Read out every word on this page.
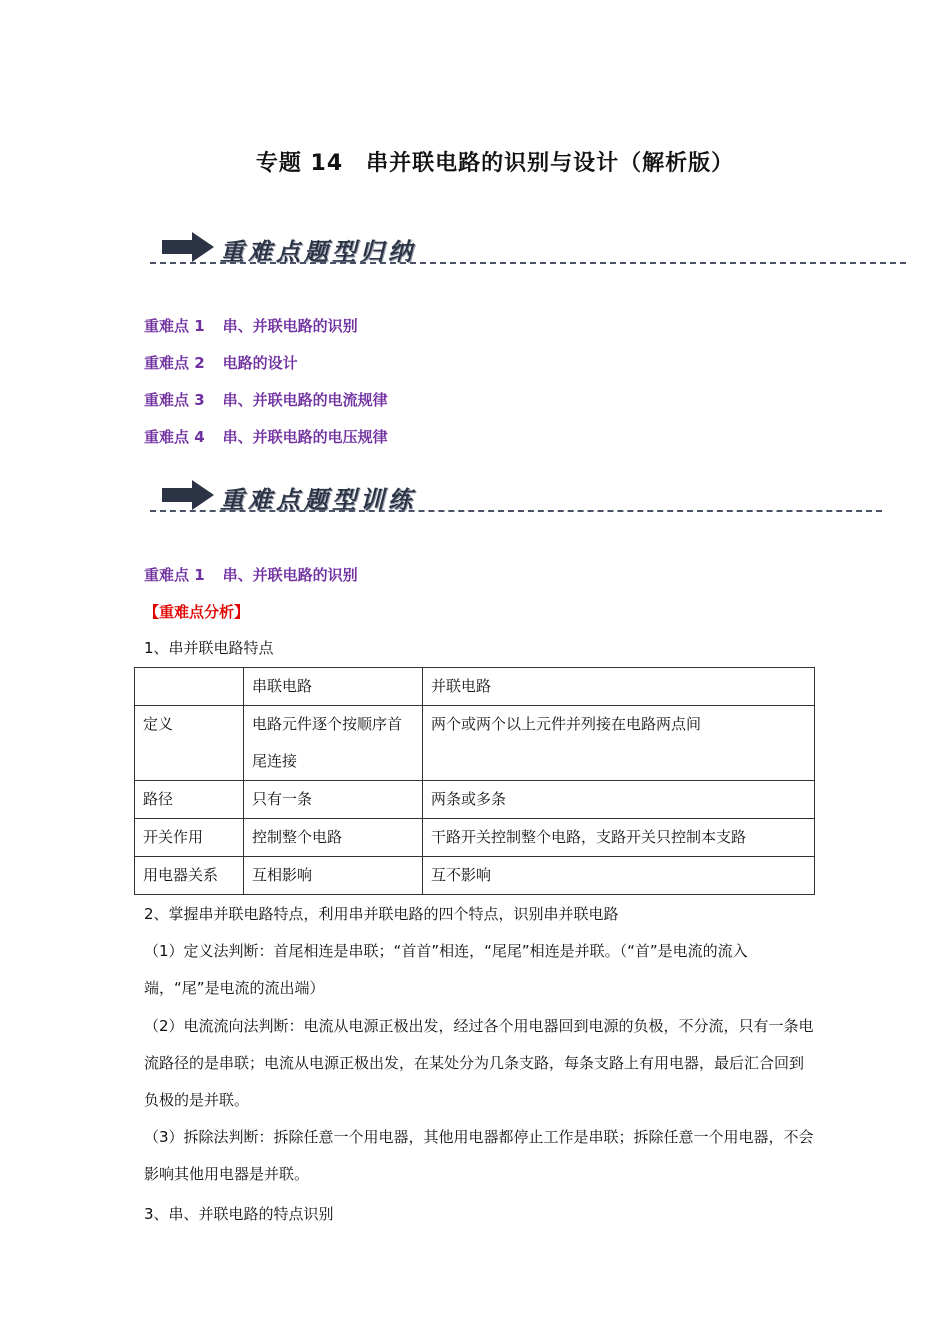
专题 14　串并联电路的识别与设计（解析版）
重难点题型归纳
重难点 1 串、并联电路的识别
重难点 2 电路的设计
重难点 3 串、并联电路的电流规律
重难点 4 串、并联电路的电压规律
重难点题型训练
重难点 1 串、并联电路的识别
【重难点分析】
1、串并联电路特点
	串联电路	并联电路
定义	电路元件逐个按顺序首尾连接	两个或两个以上元件并列接在电路两点间
路径	只有一条	两条或多条
开关作用	控制整个电路	干路开关控制整个电路，支路开关只控制本支路
用电器关系	互相影响	互不影响
2、掌握串并联电路特点，利用串并联电路的四个特点，识别串并联电路
（1）定义法判断：首尾相连是串联；“首首”相连，“尾尾”相连是并联。（“首”是电流的流入端，“尾”是电流的流出端）
（2）电流流向法判断：电流从电源正极出发，经过各个用电器回到电源的负极，不分流，只有一条电流路径的是串联；电流从电源正极出发，在某处分为几条支路，每条支路上有用电器，最后汇合回到负极的是并联。
（3）拆除法判断：拆除任意一个用电器，其他用电器都停止工作是串联；拆除任意一个用电器，不会影响其他用电器是并联。
3、串、并联电路的特点识别
